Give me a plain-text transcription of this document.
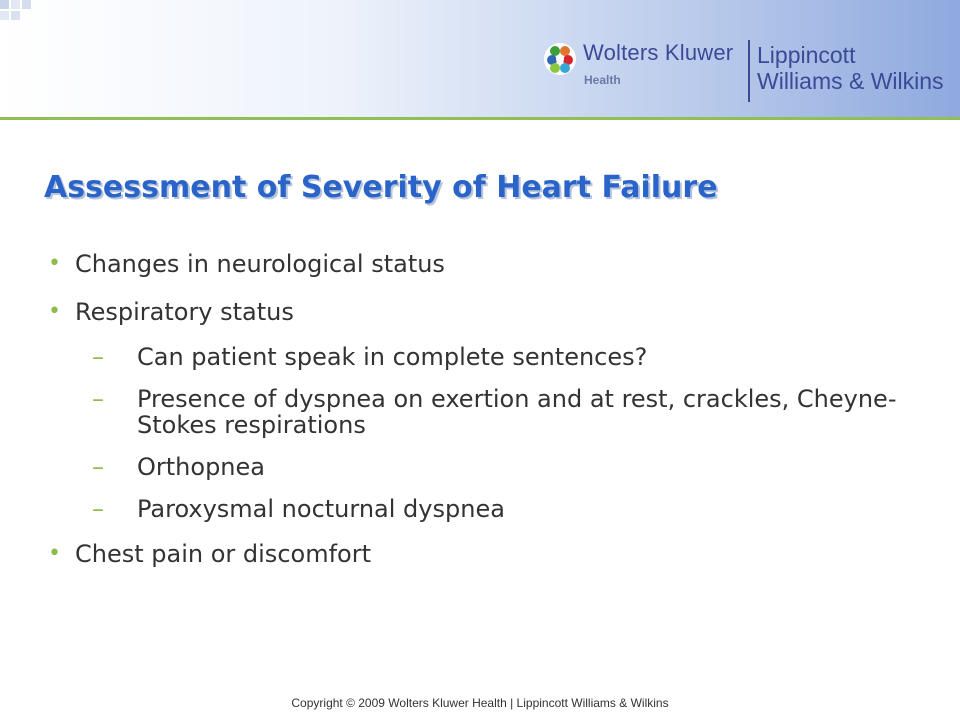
Wolters Kluwer
Health
Lippincott
Williams & Wilkins
Assessment of Severity of Heart Failure
• Changes in neurological status
• Respiratory status
– Can patient speak in complete sentences?
– Presence of dyspnea on exertion and at rest, crackles, Cheyne-Stokes respirations
– Orthopnea
– Paroxysmal nocturnal dyspnea
• Chest pain or discomfort
Copyright © 2009 Wolters Kluwer Health | Lippincott Williams & Wilkins
